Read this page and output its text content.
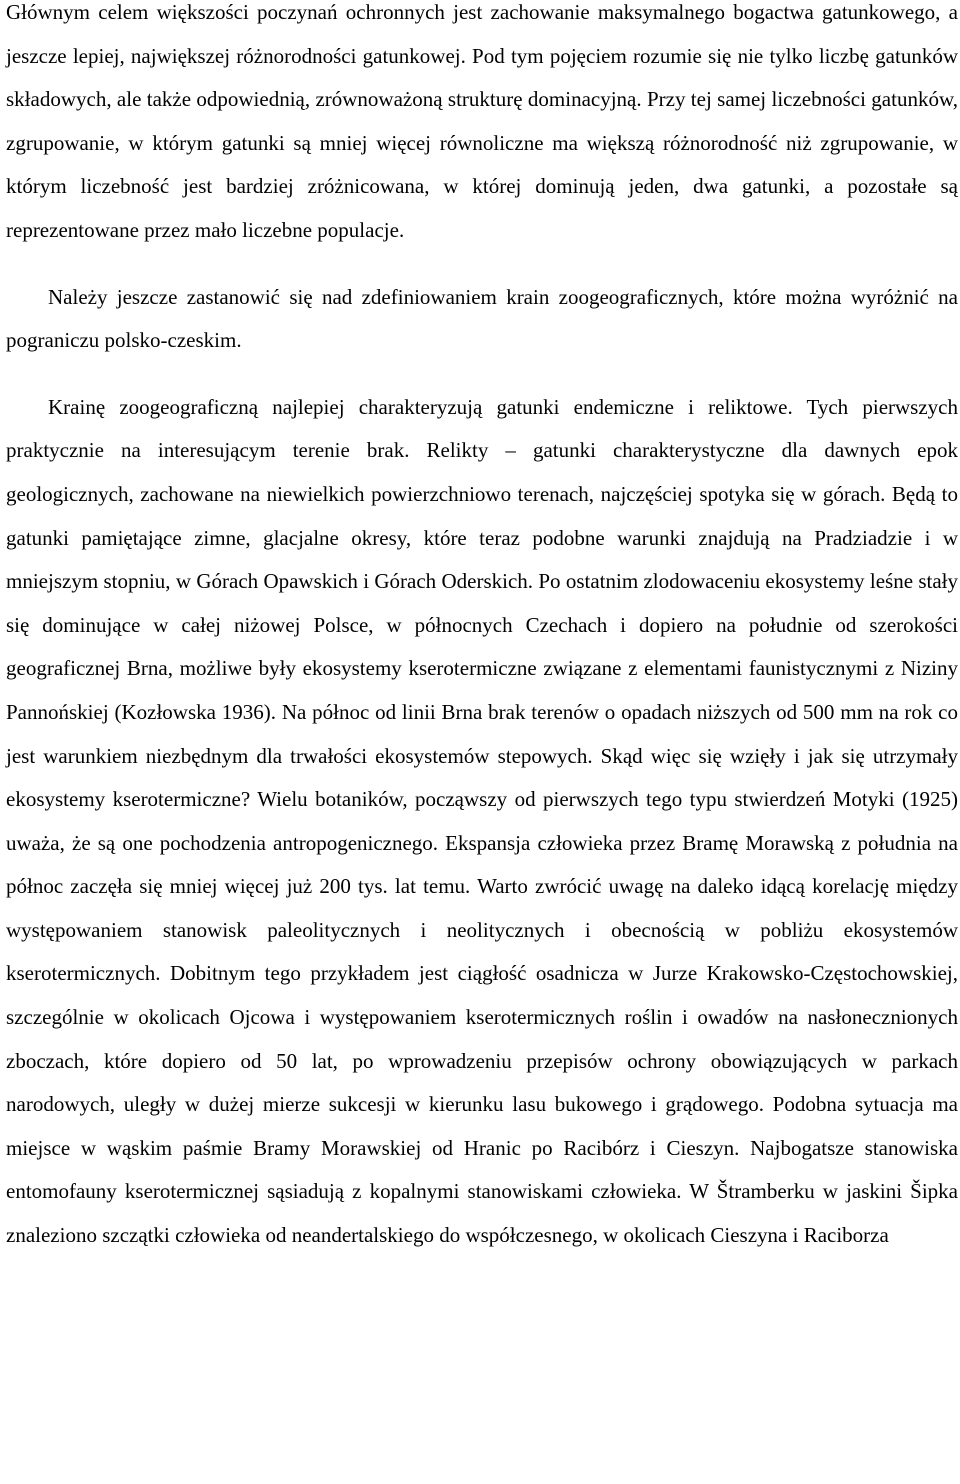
Głównym celem większości poczynań ochronnych jest zachowanie maksymalnego bogactwa gatunkowego, a jeszcze lepiej, największej różnorodności gatunkowej. Pod tym pojęciem rozumie się nie tylko liczbę gatunków składowych, ale także odpowiednią, zrównoważoną strukturę dominacyjną. Przy tej samej liczebności gatunków, zgrupowanie, w którym gatunki są mniej więcej równoliczne ma większą różnorodność niż zgrupowanie, w którym liczebność jest bardziej zróżnicowana, w której dominują jeden, dwa gatunki, a pozostałe są reprezentowane przez mało liczebne populacje.

Należy jeszcze zastanowić się nad zdefiniowaniem krain zoogeograficznych, które można wyróżnić na pograniczu polsko-czeskim.

Krainę zoogeograficzną najlepiej charakteryzują gatunki endemiczne i reliktowe. Tych pierwszych praktycznie na interesującym terenie brak. Relikty – gatunki charakterystyczne dla dawnych epok geologicznych, zachowane na niewielkich powierzchniowo terenach, najczęściej spotyka się w górach. Będą to gatunki pamiętające zimne, glacjalne okresy, które teraz podobne warunki znajdują na Pradziadzie i w mniejszym stopniu, w Górach Opawskich i Górach Oderskich. Po ostatnim zlodowaceniu ekosystemy leśne stały się dominujące w całej niżowej Polsce, w północnych Czechach i dopiero na południe od szerokości geograficznej Brna, możliwe były ekosystemy kserotermiczne związane z elementami faunistycznymi z Niziny Pannońskiej (Kozłowska 1936). Na północ od linii Brna brak terenów o opadach niższych od 500 mm na rok co jest warunkiem niezbędnym dla trwałości ekosystemów stepowych. Skąd więc się wzięły i jak się utrzymały ekosystemy kserotermiczne? Wielu botaników, począwszy od pierwszych tego typu stwierdzeń Motyki (1925) uważa, że są one pochodzenia antropogenicznego. Ekspansja człowieka przez Bramę Morawską z południa na północ zaczęła się mniej więcej już 200 tys. lat temu. Warto zwrócić uwagę na daleko idącą korelację między występowaniem stanowisk paleolitycznych i neolitycznych i obecnością w pobliżu ekosystemów kserotermicznych. Dobitnym tego przykładem jest ciągłość osadnicza w Jurze Krakowsko-Częstochowskiej, szczególnie w okolicach Ojcowa i występowaniem kserotermicznych roślin i owadów na nasłonecznionych zboczach, które dopiero od 50 lat, po wprowadzeniu przepisów ochrony obowiązujących w parkach narodowych, uległy w dużej mierze sukcesji w kierunku lasu bukowego i grądowego. Podobna sytuacja ma miejsce w wąskim paśmie Bramy Morawskiej od Hranic po Racibórz i Cieszyn. Najbogatsze stanowiska entomofauny kserotermicznej sąsiadują z kopalnymi stanowiskami człowieka. W Štramberku w jaskini Šipka znaleziono szczątki człowieka od neandertalskiego do współczesnego, w okolicach Cieszyna i Raciborza
